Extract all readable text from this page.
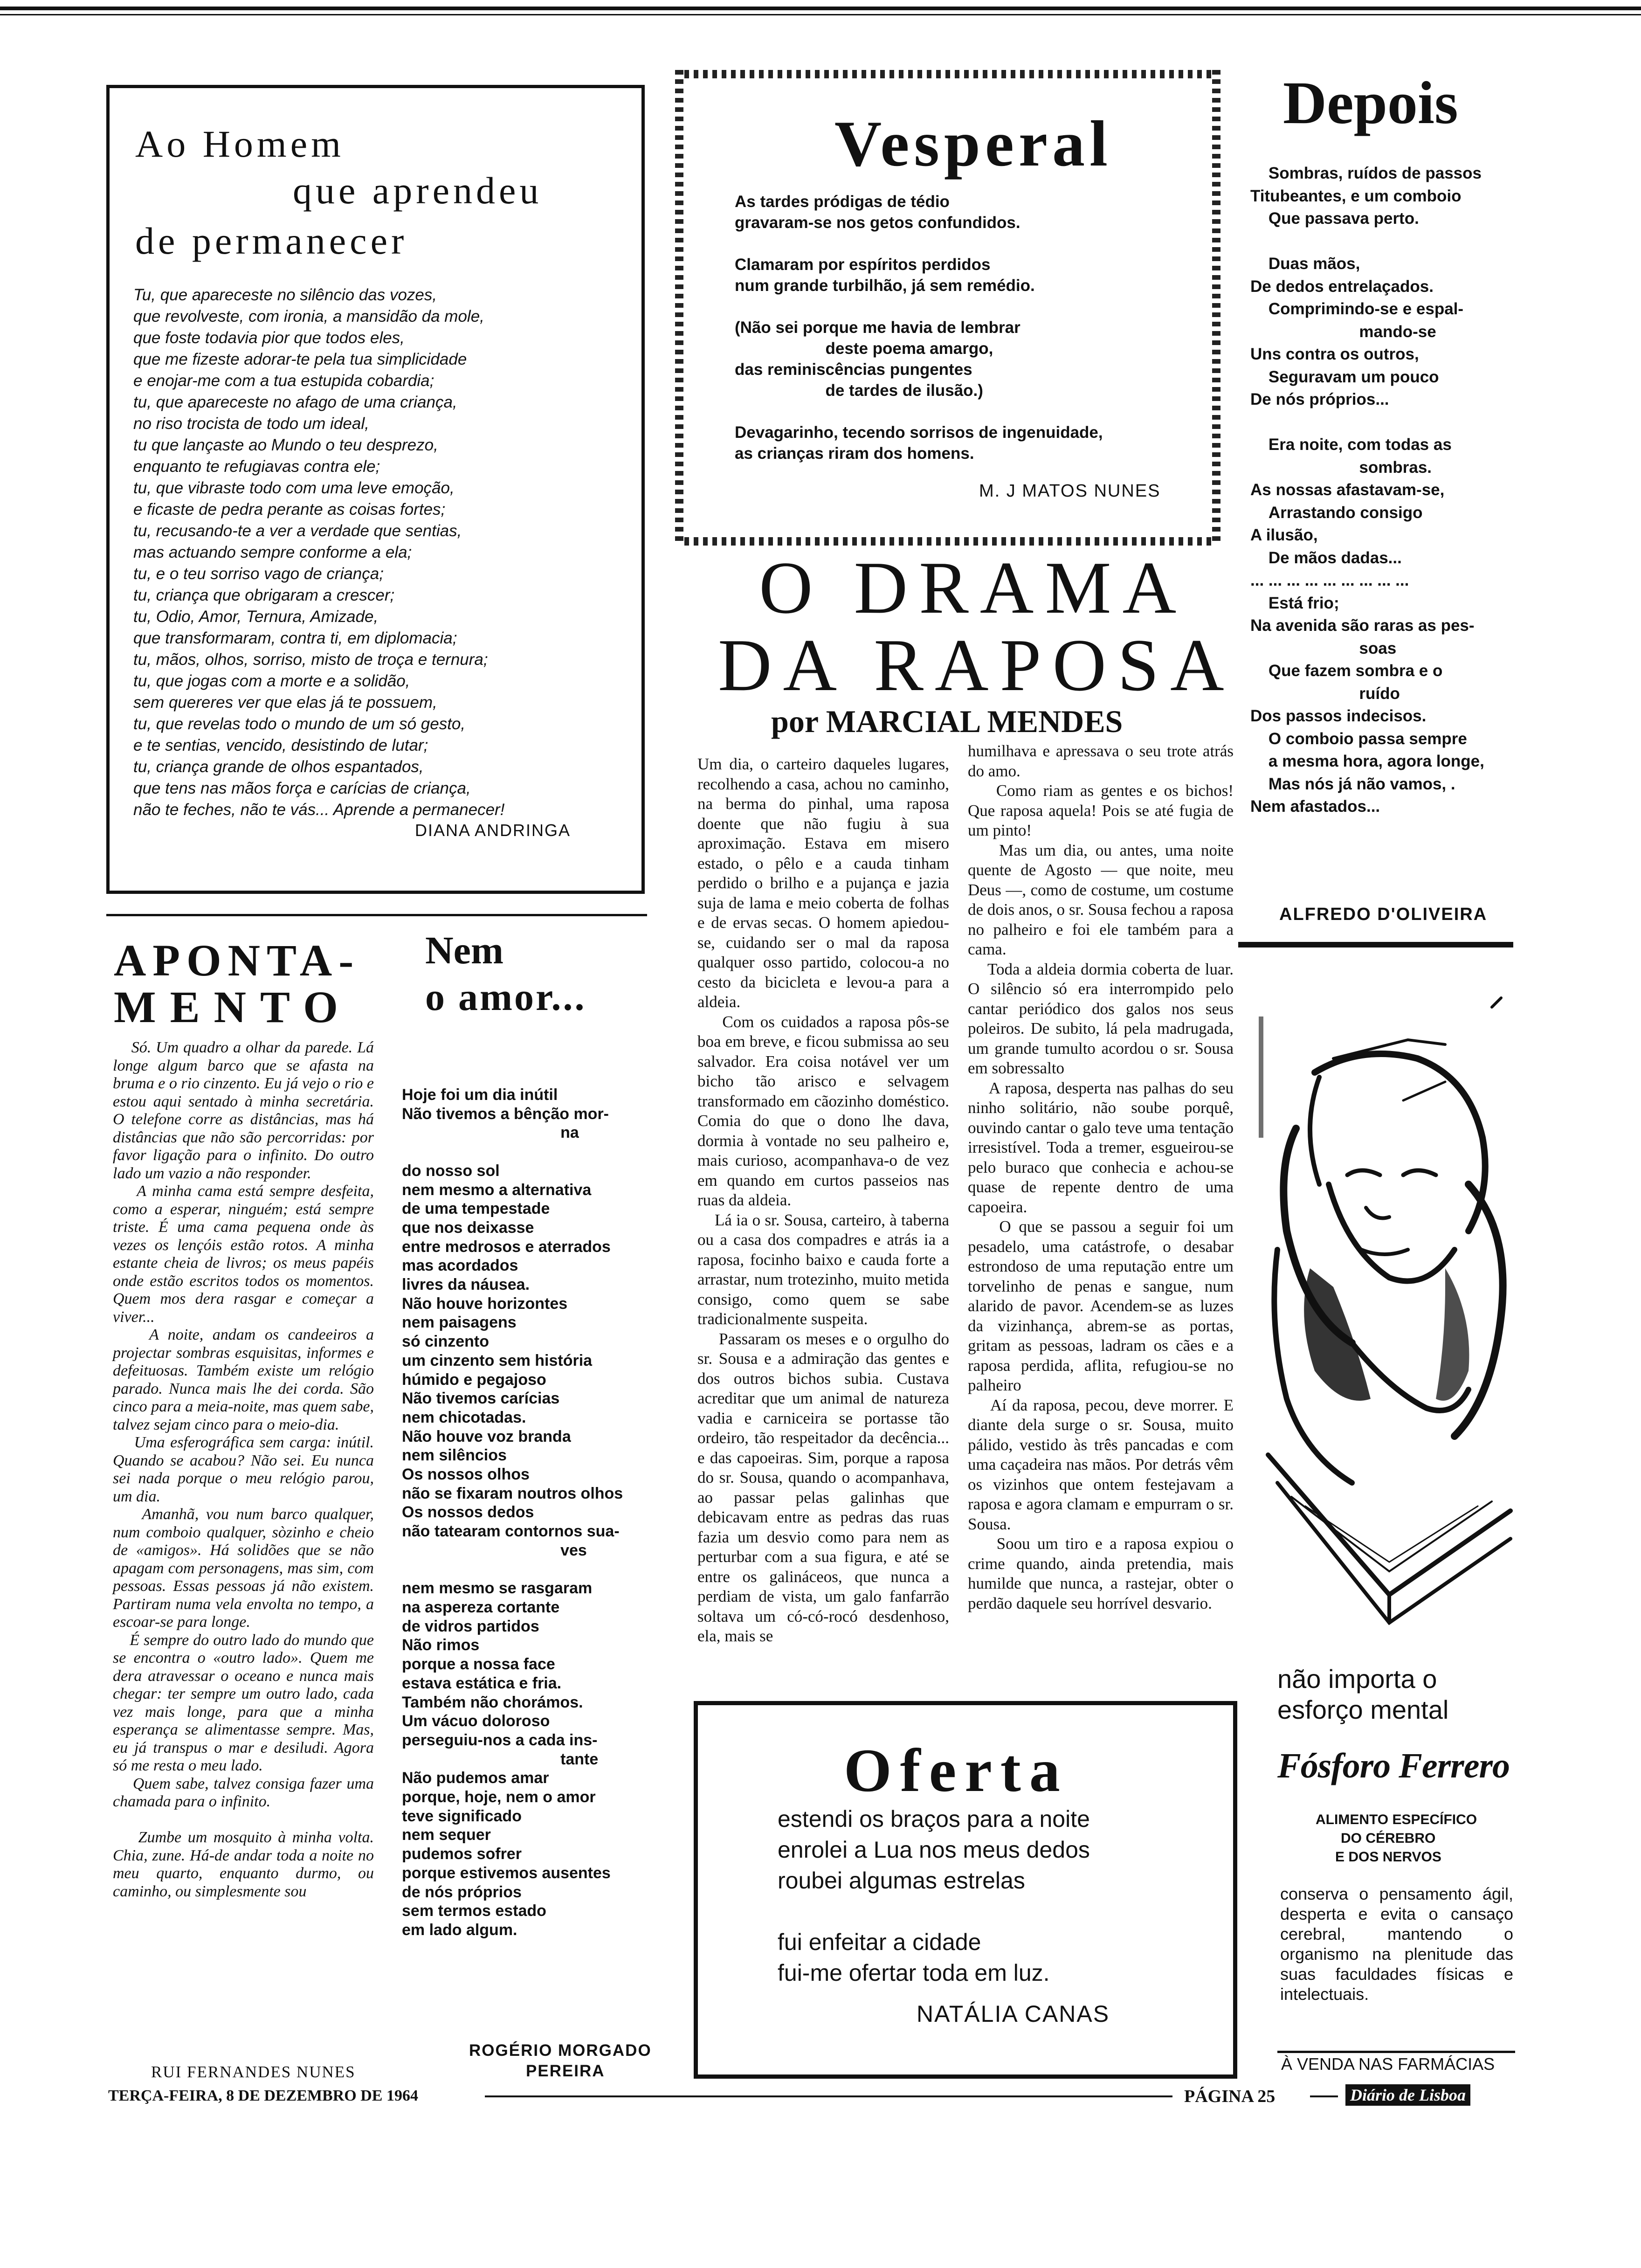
Ao Homem
que aprendeu
de permanecer
Tu, que apareceste no silêncio das vozes,
que revolveste, com ironia, a mansidão da mole,
que foste todavia pior que todos eles,
que me fizeste adorar-te pela tua simplicidade
e enojar-me com a tua estupida cobardia;
tu, que apareceste no afago de uma criança,
no riso trocista de todo um ideal,
tu que lançaste ao Mundo o teu desprezo,
enquanto te refugiavas contra ele;
tu, que vibraste todo com uma leve emoção,
e ficaste de pedra perante as coisas fortes;
tu, recusando-te a ver a verdade que sentias,
mas actuando sempre conforme a ela;
tu, e o teu sorriso vago de criança;
tu, criança que obrigaram a crescer;
tu, Odio, Amor, Ternura, Amizade,
que transformaram, contra ti, em diplomacia;
tu, mãos, olhos, sorriso, misto de troça e ternura;
tu, que jogas com a morte e a solidão,
sem quereres ver que elas já te possuem,
tu, que revelas todo o mundo de um só gesto,
e te sentias, vencido, desistindo de lutar;
tu, criança grande de olhos espantados,
que tens nas mãos força e carícias de criança,
não te feches, não te vás... Aprende a permanecer!
DIANA ANDRINGA
Vesperal
As tardes pródigas de tédio
gravaram-se nos getos confundidos.

Clamaram por espíritos perdidos
num grande turbilhão, já sem remédio.

(Não sei porque me havia de lembrar
deste poema amargo,
das reminiscências pungentes
de tardes de ilusão.)

Devagarinho, tecendo sorrisos de ingenuidade,
as crianças riram dos homens.
M. J MATOS NUNES
Depois
Sombras, ruídos de passos
Titubeantes, e um comboio
Que passava perto.

Duas mãos,
De dedos entrelaçados.
Comprimindo-se e espal-
mando-se
Uns contra os outros,
Seguravam um pouco
De nós próprios...

Era noite, com todas as
sombras.
As nossas afastavam-se,
Arrastando consigo
A ilusão,
De mãos dadas...
... ... ... ... ... ... ... ... ...
Está frio;
Na avenida são raras as pes-
soas
Que fazem sombra e o
ruído
Dos passos indecisos.
O comboio passa sempre
a mesma hora, agora longe,
Mas nós já não vamos, .
Nem afastados...
ALFREDO D'OLIVEIRA
O DRAMA
DA RAPOSA
por MARCIAL MENDES
Um dia, o carteiro daqueles lugares, recolhendo a casa, achou no caminho, na berma do pinhal, uma raposa doente que não fugiu à sua aproximação. Estava em misero estado, o pêlo e a cauda tinham perdido o brilho e a pujança e jazia suja de lama e meio coberta de folhas e de ervas secas. O homem apiedou-se, cuidando ser o mal da raposa qualquer osso partido, colocou-a no cesto da bicicleta e levou-a para a aldeia.
Com os cuidados a raposa pôs-se boa em breve, e ficou submissa ao seu salvador. Era coisa notável ver um bicho tão arisco e selvagem transformado em cãozinho doméstico. Comia do que o dono lhe dava, dormia à vontade no seu palheiro e, mais curioso, acompanhava-o de vez em quando em curtos passeios nas ruas da aldeia.
Lá ia o sr. Sousa, carteiro, à taberna ou a casa dos compadres e atrás ia a raposa, focinho baixo e cauda forte a arrastar, num trotezinho, muito metida consigo, como quem se sabe tradicionalmente suspeita.
Passaram os meses e o orgulho do sr. Sousa e a admiração das gentes e dos outros bichos subia. Custava acreditar que um animal de natureza vadia e carniceira se portasse tão ordeiro, tão respeitador da decência... e das capoeiras. Sim, porque a raposa do sr. Sousa, quando o acompanhava, ao passar pelas galinhas que debicavam entre as pedras das ruas fazia um desvio como para nem as perturbar com a sua figura, e até se entre os galináceos, que nunca a perdiam de vista, um galo fanfarrão soltava um có-có-rocó desdenhoso, ela, mais se
humilhava e apressava o seu trote atrás do amo.
Como riam as gentes e os bichos! Que raposa aquela! Pois se até fugia de um pinto!
Mas um dia, ou antes, uma noite quente de Agosto — que noite, meu Deus —, como de costume, um costume de dois anos, o sr. Sousa fechou a raposa no palheiro e foi ele também para a cama.
Toda a aldeia dormia coberta de luar. O silêncio só era interrompido pelo cantar periódico dos galos nos seus poleiros. De subito, lá pela madrugada, um grande tumulto acordou o sr. Sousa em sobressalto
A raposa, desperta nas palhas do seu ninho solitário, não soube porquê, ouvindo cantar o galo teve uma tentação irresistível. Toda a tremer, esgueirou-se pelo buraco que conhecia e achou-se quase de repente dentro de uma capoeira.
O que se passou a seguir foi um pesadelo, uma catástrofe, o desabar estrondoso de uma reputação entre um torvelinho de penas e sangue, num alarido de pavor. Acendem-se as luzes da vizinhança, abrem-se as portas, gritam as pessoas, ladram os cães e a raposa perdida, aflita, refugiou-se no palheiro
Aí da raposa, pecou, deve morrer. E diante dela surge o sr. Sousa, muito pálido, vestido às três pancadas e com uma caçadeira nas mãos. Por detrás vêm os vizinhos que ontem festejavam a raposa e agora clamam e empurram o sr. Sousa.
Soou um tiro e a raposa expiou o crime quando, ainda pretendia, mais humilde que nunca, a rastejar, obter o perdão daquele seu horrível desvario.
APONTA-
MENTO
Só. Um quadro a olhar da parede. Lá longe algum barco que se afasta na bruma e o rio cinzento. Eu já vejo o rio e estou aqui sentado à minha secretária. O telefone corre as distâncias, mas há distâncias que não são percorridas: por favor ligação para o infinito. Do outro lado um vazio a não responder.
A minha cama está sempre desfeita, como a esperar, ninguém; está sempre triste. É uma cama pequena onde às vezes os lençóis estão rotos. A minha estante cheia de livros; os meus papéis onde estão escritos todos os momentos. Quem mos dera rasgar e começar a viver...
A noite, andam os candeeiros a projectar sombras esquisitas, informes e defeituosas. Também existe um relógio parado. Nunca mais lhe dei corda. São cinco para a meia-noite, mas quem sabe, talvez sejam cinco para o meio-dia.
Uma esferográfica sem carga: inútil. Quando se acabou? Não sei. Eu nunca sei nada porque o meu relógio parou, um dia.
Amanhã, vou num barco qualquer, num comboio qualquer, sòzinho e cheio de «amigos». Há solidões que se não apagam com personagens, mas sim, com pessoas. Essas pessoas já não existem. Partiram numa vela envolta no tempo, a escoar-se para longe.
É sempre do outro lado do mundo que se encontra o «outro lado». Quem me dera atravessar o oceano e nunca mais chegar: ter sempre um outro lado, cada vez mais longe, para que a minha esperança se alimentasse sempre. Mas, eu já transpus o mar e desiludi. Agora só me resta o meu lado.
Quem sabe, talvez consiga fazer uma chamada para o infinito.

Zumbe um mosquito à minha volta. Chia, zune. Há-de andar toda a noite no meu quarto, enquanto durmo, ou caminho, ou simplesmente sou
RUI FERNANDES NUNES
Nem
o amor...
Hoje foi um dia inútil
Não tivemos a bênção mor-
na

do nosso sol
nem mesmo a alternativa
de uma tempestade
que nos deixasse
entre medrosos e aterrados
mas acordados
livres da náusea.
Não houve horizontes
nem paisagens
só cinzento
um cinzento sem história
húmido e pegajoso
Não tivemos carícias
nem chicotadas.
Não houve voz branda
nem silêncios
Os nossos olhos
não se fixaram noutros olhos
Os nossos dedos
não tatearam contornos sua-
ves

nem mesmo se rasgaram
na aspereza cortante
de vidros partidos
Não rimos
porque a nossa face
estava estática e fria.
Também não chorámos.
Um vácuo doloroso
perseguiu-nos a cada ins-
tante
Não pudemos amar
porque, hoje, nem o amor
teve significado
nem sequer
pudemos sofrer
porque estivemos ausentes
de nós próprios
sem termos estado
em lado algum.
ROGÉRIO MORGADO
PEREIRA
Oferta
estendi os braços para a noite
enrolei a Lua nos meus dedos
roubei algumas estrelas

fui enfeitar a cidade
fui-me ofertar toda em luz.
NATÁLIA CANAS
não importa o
esforço mental
Fósforo Ferrero
ALIMENTO ESPECÍFICO
DO CÉREBRO
E DOS NERVOS
conserva o pensamento ágil, desperta e evita o cansaço cerebral, mantendo o organismo na plenitude das suas faculdades físicas e intelectuais.
À VENDA NAS FARMÁCIAS
TERÇA-FEIRA, 8 DE DEZEMBRO DE 1964	PÁGINA 25	Diário de Lisboa
